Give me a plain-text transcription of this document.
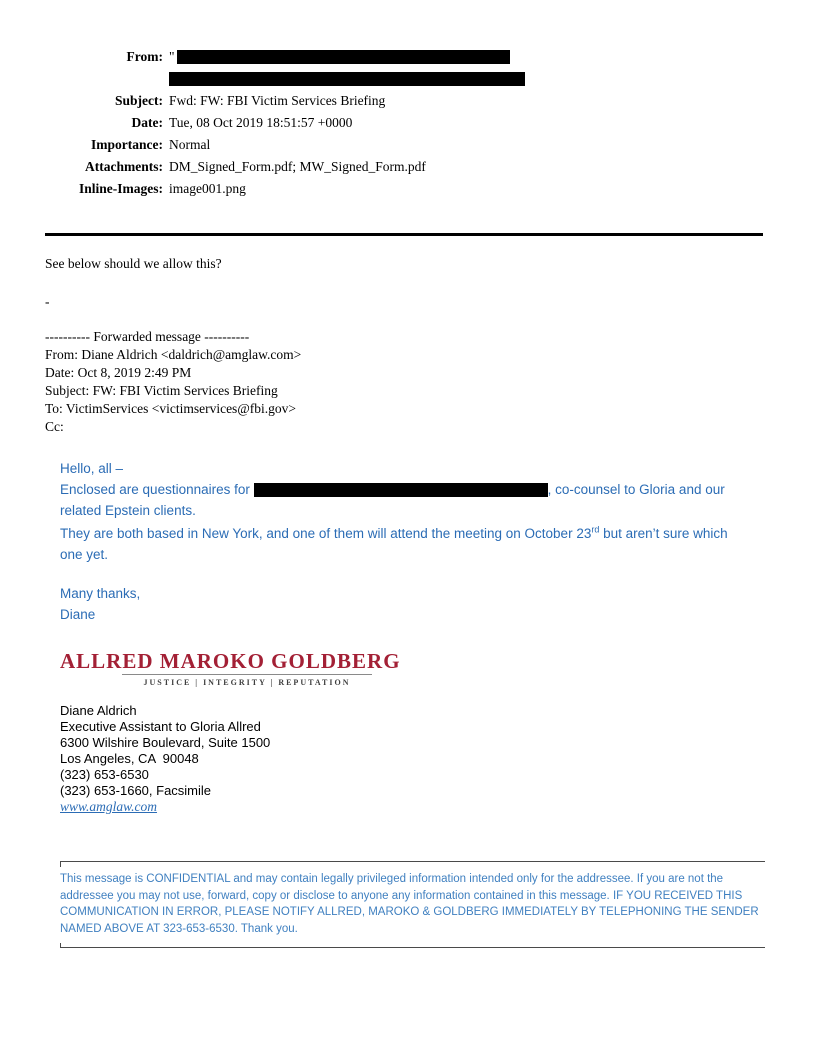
From: "
Subject: Fwd: FW: FBI Victim Services Briefing
Date: Tue, 08 Oct 2019 18:51:57 +0000
Importance: Normal
Attachments: DM_Signed_Form.pdf; MW_Signed_Form.pdf
Inline-Images: image001.png
See below should we allow this?
-
---------- Forwarded message ----------
From: Diane Aldrich <daldrich@amglaw.com>
Date: Oct 8, 2019 2:49 PM
Subject: FW: FBI Victim Services Briefing
To: VictimServices <victimservices@fbi.gov>
Cc:

Hello, all –

Enclosed are questionnaires for	, co-counsel to Gloria and our related Epstein clients.

They are both based in New York, and one of them will attend the meeting on October 23rd but aren’t sure which one yet.

Many thanks,

Diane

ALLRED MAROKO GOLDBERG
JUSTICE | INTEGRITY | REPUTATION
Diane Aldrich
Executive Assistant to Gloria Allred
6300 Wilshire Boulevard, Suite 1500
Los Angeles, CA  90048
(323) 653-6530
(323) 653-1660, Facsimile
www.amglaw.com
This message is CONFIDENTIAL and may contain legally privileged information intended only for the addressee. If you are not the addressee you may not use, forward, copy or disclose to anyone any information contained in this message. IF YOU RECEIVED THIS COMMUNICATION IN ERROR, PLEASE NOTIFY ALLRED, MAROKO & GOLDBERG IMMEDIATELY BY TELEPHONING THE SENDER NAMED ABOVE AT 323-653-6530. Thank you.
